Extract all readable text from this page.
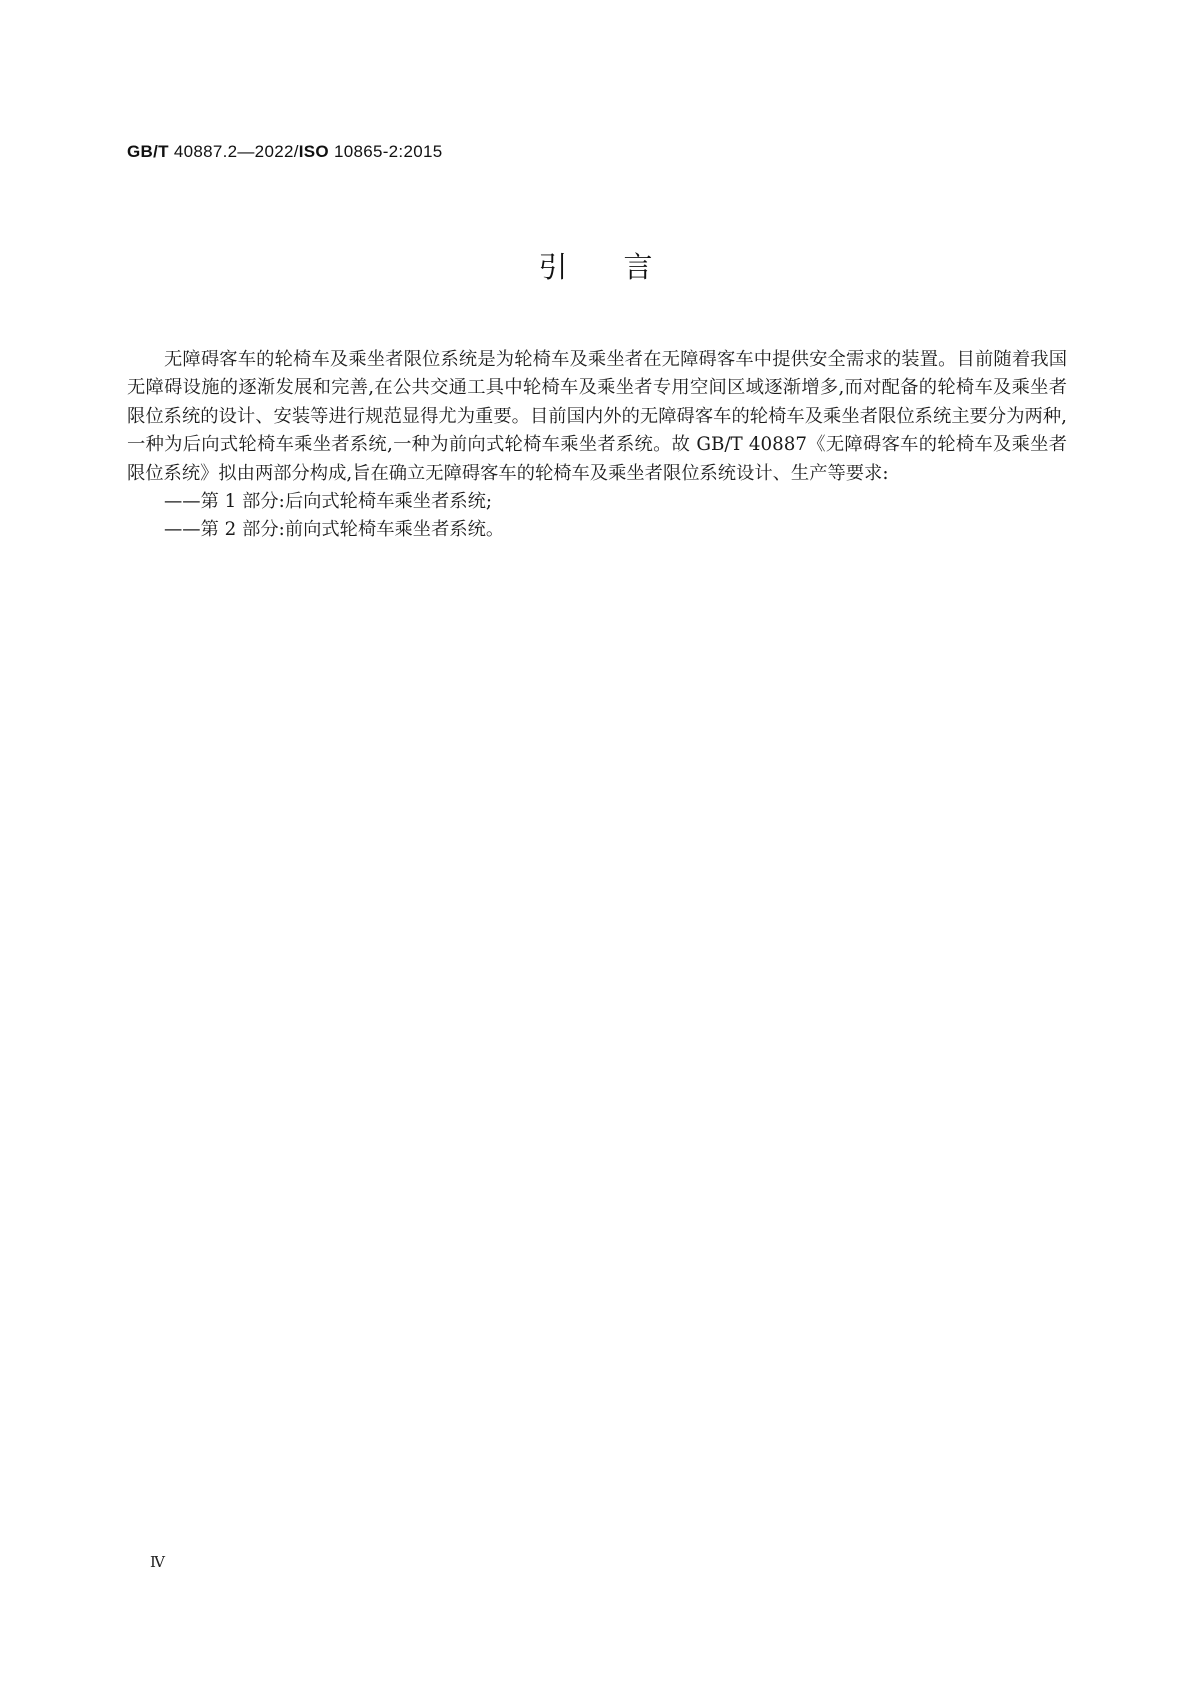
GB/T 40887.2—2022/ISO 10865-2:2015
引言

无障碍客车的轮椅车及乘坐者限位系统是为轮椅车及乘坐者在无障碍客车中提供安全需求的装置。目前随着我国无障碍设施的逐渐发展和完善,在公共交通工具中轮椅车及乘坐者专用空间区域逐渐增多,而对配备的轮椅车及乘坐者限位系统的设计、安装等进行规范显得尤为重要。目前国内外的无障碍客车的轮椅车及乘坐者限位系统主要分为两种,一种为后向式轮椅车乘坐者系统,一种为前向式轮椅车乘坐者系统。故 GB/T 40887《无障碍客车的轮椅车及乘坐者限位系统》拟由两部分构成,旨在确立无障碍客车的轮椅车及乘坐者限位系统设计、生产等要求:

——第 1 部分:后向式轮椅车乘坐者系统;

——第 2 部分:前向式轮椅车乘坐者系统。

Ⅳ
